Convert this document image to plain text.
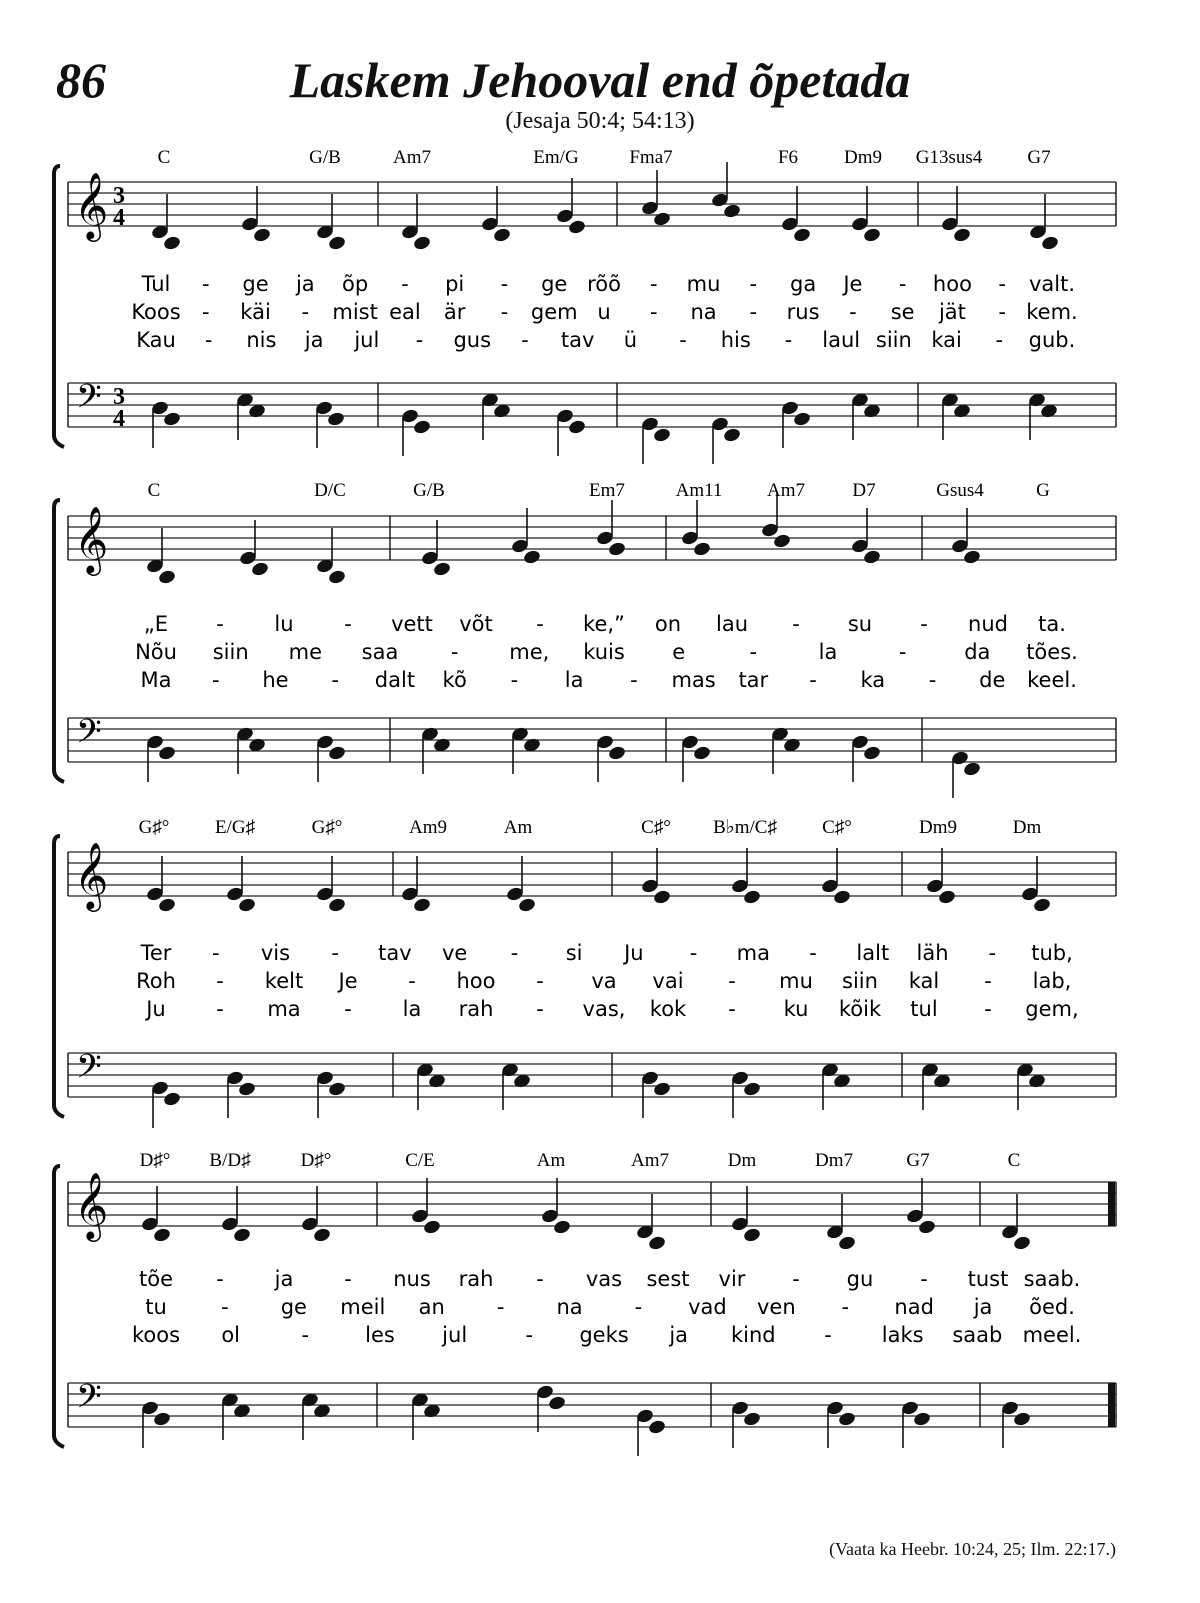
86	Laskem Jehooval end õpetada
(Jesaja 50:4; 54:13)
𝄞
𝄢
3
4
3
4
C	G/B	Am7	Em/G	Fma7	F6 Dm9 G13sus4 G7
Tul - ge ja õp - pi - ge rõõ - mu - ga Je - hoo - valt.
Koos - käi - mist eal är - gem u - na - rus - se jät - kem.
Kau - nis ja jul - gus - tav ü - his - laul siin kai - gub.
𝄞
𝄢
C	D/C	G/B	Em7	Am11 Am7 D7	Gsus4	G
„E - lu - vett võt - ke,” on lau - su - nud ta.
Nõu siin me saa	- me, kuis e	-	la	-	da tões.
Ma - he - dalt kõ - la - mas tar - ka - de keel.
𝄞
𝄢
G♯° E/G♯	G♯°	Am9	Am	C♯° B♭m/C♯ C♯°	Dm9	Dm
Ter - vis - tav ve - si Ju - ma - lalt läh - tub,
Roh - kelt Je - hoo - va vai - mu siin kal - lab,
Ju - ma - la rah - vas, kok - ku kõik tul - gem,
𝄞
𝄢
D♯° B/D♯	D♯°	C/E	Am	Am7	Dm	Dm7	G7	C
tõe - ja - nus rah - vas sest vir - gu - tust saab.
tu	- ge meil an - na - vad ven - nad ja õed.
koos ol	-	les jul	- geks ja kind - laks saab meel.
(Vaata ka Heebr. 10:24, 25; Ilm. 22:17.)
